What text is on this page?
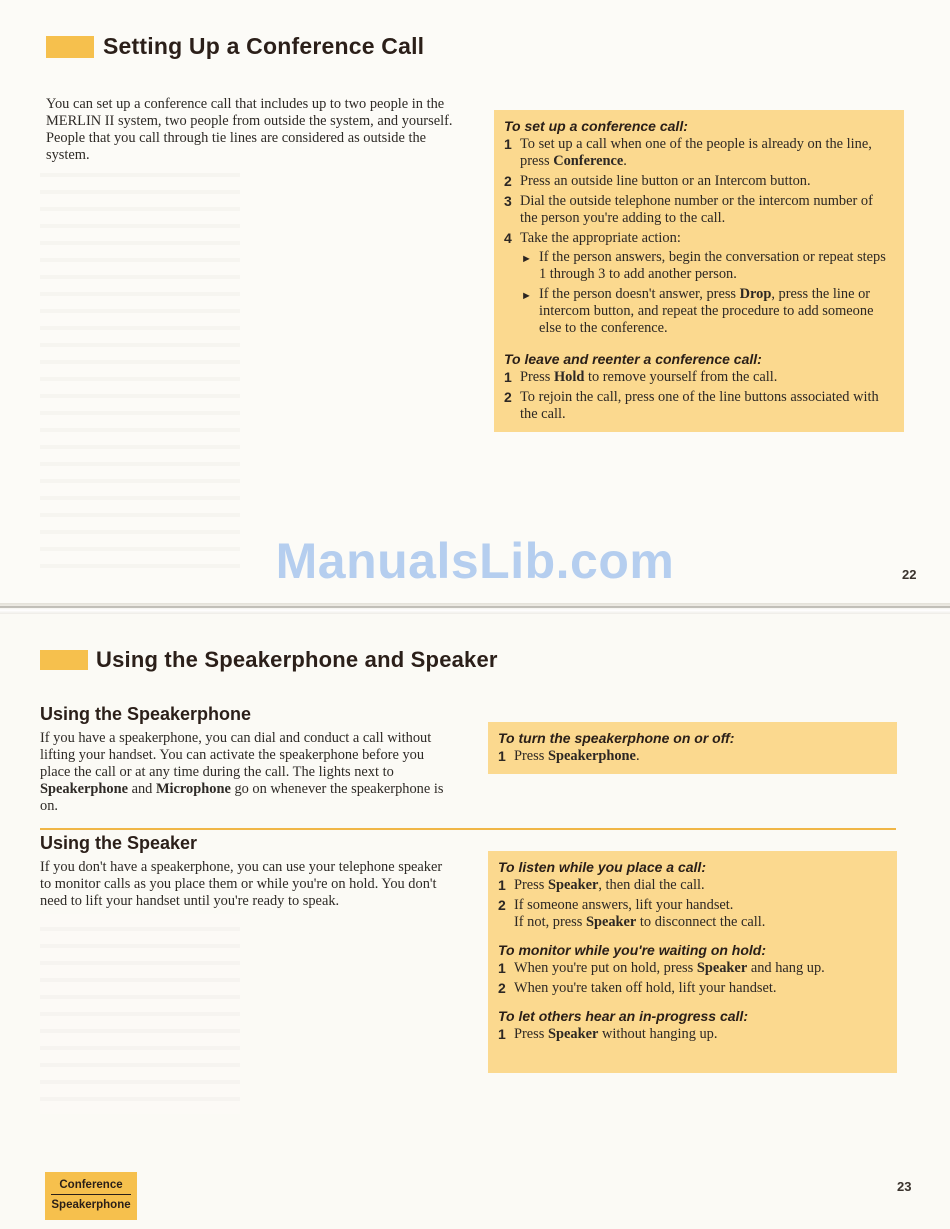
Setting Up a Conference Call
You can set up a conference call that includes up to two people in the MERLIN II system, two people from outside the system, and yourself. People that you call through tie lines are considered as outside the system.
To set up a conference call:
1 To set up a call when one of the people is already on the line, press Conference.
2 Press an outside line button or an Intercom button.
3 Dial the outside telephone number or the intercom number of the person you're adding to the call.
4 Take the appropriate action:
► If the person answers, begin the conversation or repeat steps 1 through 3 to add another person.
► If the person doesn't answer, press Drop, press the line or intercom button, and repeat the procedure to add someone else to the conference.
To leave and reenter a conference call:
1 Press Hold to remove yourself from the call.
2 To rejoin the call, press one of the line buttons associated with the call.
22
ManualsLib.com
Using the Speakerphone and Speaker
Using the Speakerphone
If you have a speakerphone, you can dial and conduct a call without lifting your handset. You can activate the speakerphone before you place the call or at any time during the call. The lights next to Speakerphone and Microphone go on whenever the speakerphone is on.
To turn the speakerphone on or off:
1 Press Speakerphone.
Using the Speaker
If you don't have a speakerphone, you can use your telephone speaker to monitor calls as you place them or while you're on hold. You don't need to lift your handset until you're ready to speak.
To listen while you place a call:
1 Press Speaker, then dial the call.
2 If someone answers, lift your handset.
If not, press Speaker to disconnect the call.
To monitor while you're waiting on hold:
1 When you're put on hold, press Speaker and hang up.
2 When you're taken off hold, lift your handset.
To let others hear an in-progress call:
1 Press Speaker without hanging up.
23
Conference
Speakerphone
